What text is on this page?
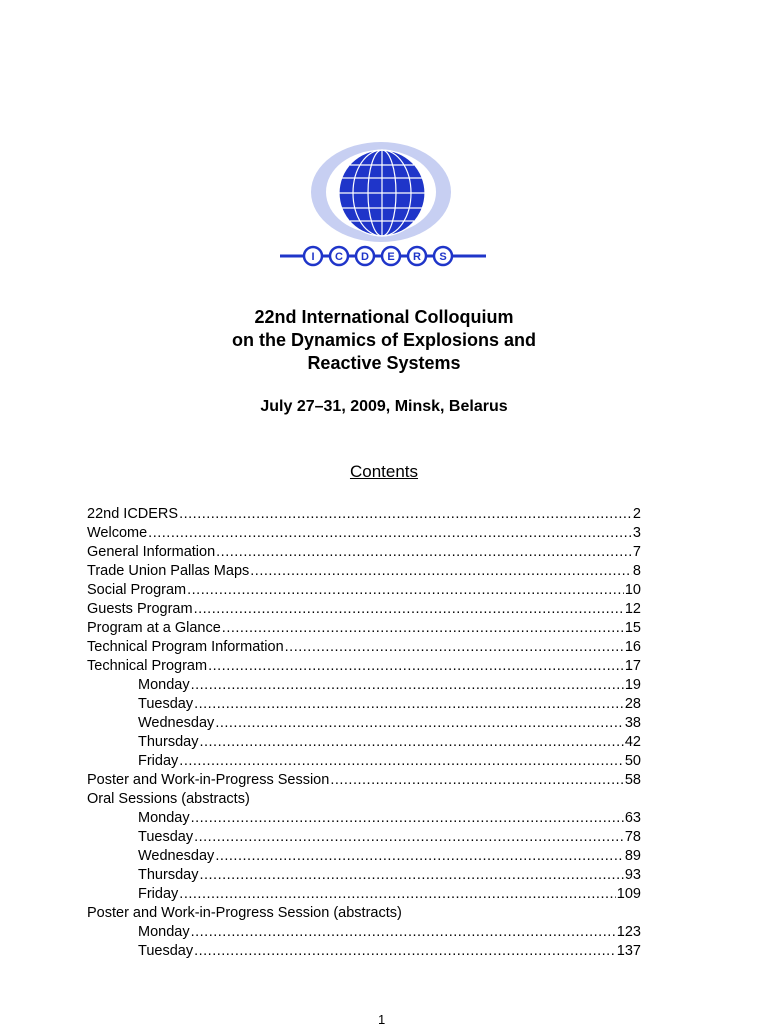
I C D E R S
22nd International Colloquium
on the Dynamics of Explosions and
Reactive Systems
July 27–31, 2009, Minsk, Belarus
Contents
22nd ICDERS .....	2
Welcome .....	3
General Information .....	7
Trade Union Pallas Maps .....	8
Social Program .....	10
Guests Program .....	12
Program at a Glance .....	15
Technical Program Information .....	16
Technical Program .....	17
Monday .....	19
Tuesday .....	28
Wednesday .....	38
Thursday .....	42
Friday .....	50
Poster and Work-in-Progress Session .....	58
Oral Sessions (abstracts)
Monday .....	63
Tuesday .....	78
Wednesday .....	89
Thursday .....	93
Friday .....	109
Poster and Work-in-Progress Session (abstracts)
Monday .....	123
Tuesday .....	137
1
